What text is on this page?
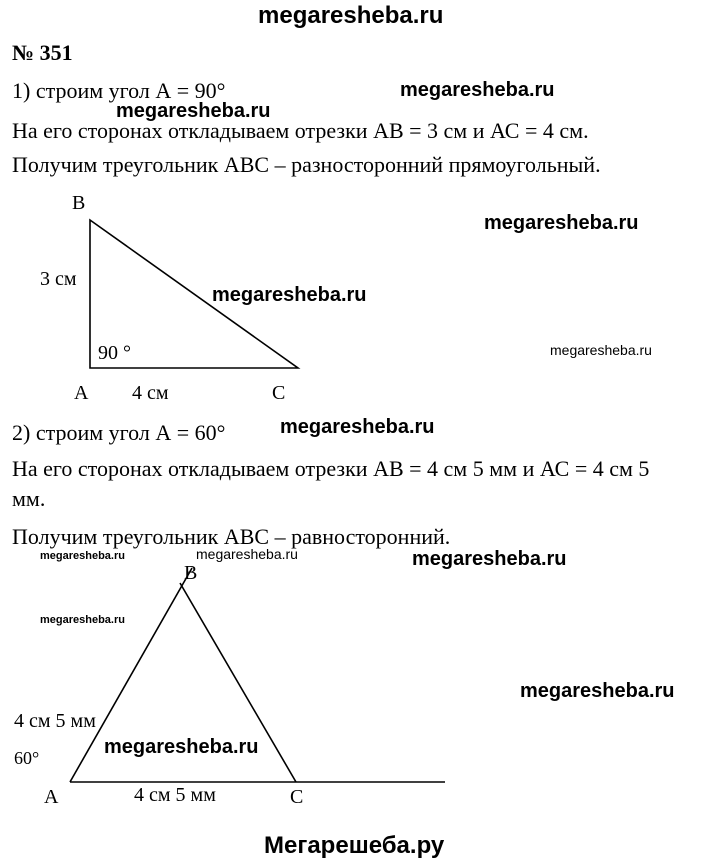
megaresheba.ru
№ 351
1) строим угол А = 90°
На его сторонах откладываем отрезки АВ = 3 см и АС = 4 см.
Получим треугольник АВС – разносторонний прямоугольный.
В
3 см
90 °
А 4 см	С
2) строим угол А = 60°
На его сторонах откладываем отрезки АВ = 4 см 5 мм и АС = 4 см 5
мм.
Получим треугольник АВС – равносторонний.
В
4 см 5 мм
60°
А	4 см 5 мм	С
megaresheba.ru
megaresheba.ru
megaresheba.ru
megaresheba.ru
megaresheba.ru
megaresheba.ru
megaresheba.ru	megaresheba.ru	megaresheba.ru
megaresheba.ru
megaresheba.ru
megaresheba.ru
Мегарешеба.ру
